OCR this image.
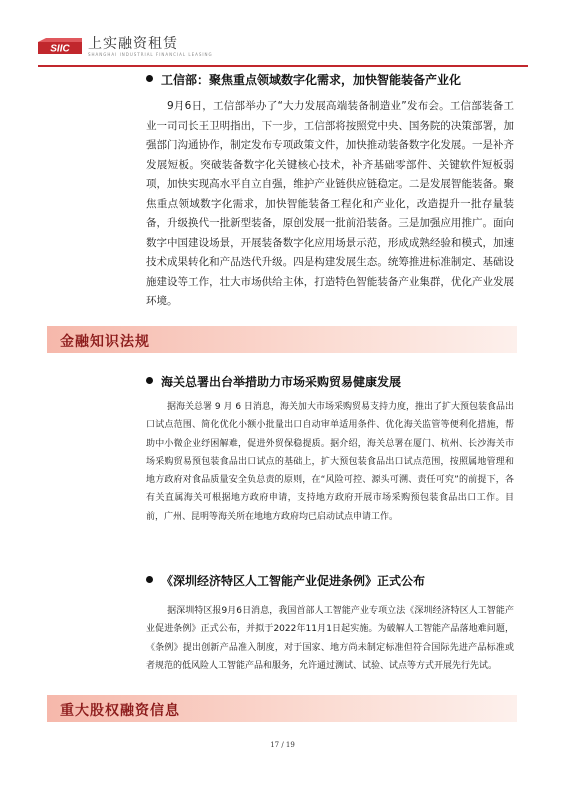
SIIC 上实融资租赁
SHANGHAI INDUSTRIAL FINANCIAL LEASING
工信部：聚焦重点领域数字化需求，加快智能装备产业化
9月6日，工信部举办了“大力发展高端装备制造业”发布会。工信部装备工业一司司长王卫明指出，下一步，工信部将按照党中央、国务院的决策部署，加强部门沟通协作，制定发布专项政策文件，加快推动装备数字化发展。一是补齐发展短板。突破装备数字化关键核心技术，补齐基础零部件、关键软件短板弱项，加快实现高水平自立自强，维护产业链供应链稳定。二是发展智能装备。聚焦重点领域数字化需求，加快智能装备工程化和产业化，改造提升一批存量装备，升级换代一批新型装备，原创发展一批前沿装备。三是加强应用推广。面向数字中国建设场景，开展装备数字化应用场景示范，形成成熟经验和模式，加速技术成果转化和产品迭代升级。四是构建发展生态。统筹推进标准制定、基础设施建设等工作，壮大市场供给主体，打造特色智能装备产业集群，优化产业发展环境。
金融知识法规
海关总署出台举措助力市场采购贸易健康发展
据海关总署 9 月 6 日消息，海关加大市场采购贸易支持力度，推出了扩大预包装食品出口试点范围、简化优化小额小批量出口自动审单适用条件、优化海关监管等便利化措施，帮助中小微企业纾困解难，促进外贸保稳提质。据介绍，海关总署在厦门、杭州、长沙海关市场采购贸易预包装食品出口试点的基础上，扩大预包装食品出口试点范围，按照属地管理和地方政府对食品质量安全负总责的原则，在“风险可控、源头可溯、责任可究”的前提下，各有关直属海关可根据地方政府申请，支持地方政府开展市场采购预包装食品出口工作。目前，广州、昆明等海关所在地地方政府均已启动试点申请工作。
《深圳经济特区人工智能产业促进条例》正式公布
据深圳特区报9月6日消息，我国首部人工智能产业专项立法《深圳经济特区人工智能产业促进条例》正式公布，并拟于2022年11月1日起实施。为破解人工智能产品落地难问题，《条例》提出创新产品准入制度，对于国家、地方尚未制定标准但符合国际先进产品标准或者规范的低风险人工智能产品和服务，允许通过测试、试验、试点等方式开展先行先试。
重大股权融资信息
17 / 19
